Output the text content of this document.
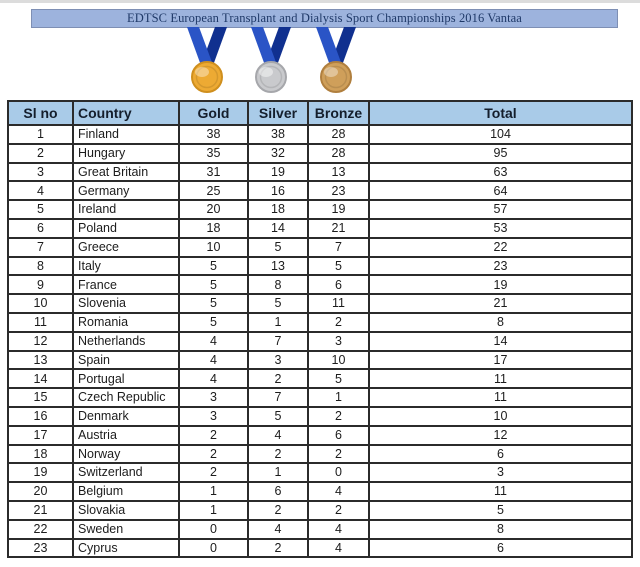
EDTSC European Transplant and Dialysis Sport Championships 2016 Vantaa
Sl no	Country	Gold	Silver	Bronze	Total
1	Finland	38	38	28	104
2	Hungary	35	32	28	95
3	Great Britain	31	19	13	63
4	Germany	25	16	23	64
5	Ireland	20	18	19	57
6	Poland	18	14	21	53
7	Greece	10	5	7	22
8	Italy	5	13	5	23
9	France	5	8	6	19
10	Slovenia	5	5	11	21
11	Romania	5	1	2	8
12	Netherlands	4	7	3	14
13	Spain	4	3	10	17
14	Portugal	4	2	5	11
15	Czech Republic	3	7	1	11
16	Denmark	3	5	2	10
17	Austria	2	4	6	12
18	Norway	2	2	2	6
19	Switzerland	2	1	0	3
20	Belgium	1	6	4	11
21	Slovakia	1	2	2	5
22	Sweden	0	4	4	8
23	Cyprus	0	2	4	6
